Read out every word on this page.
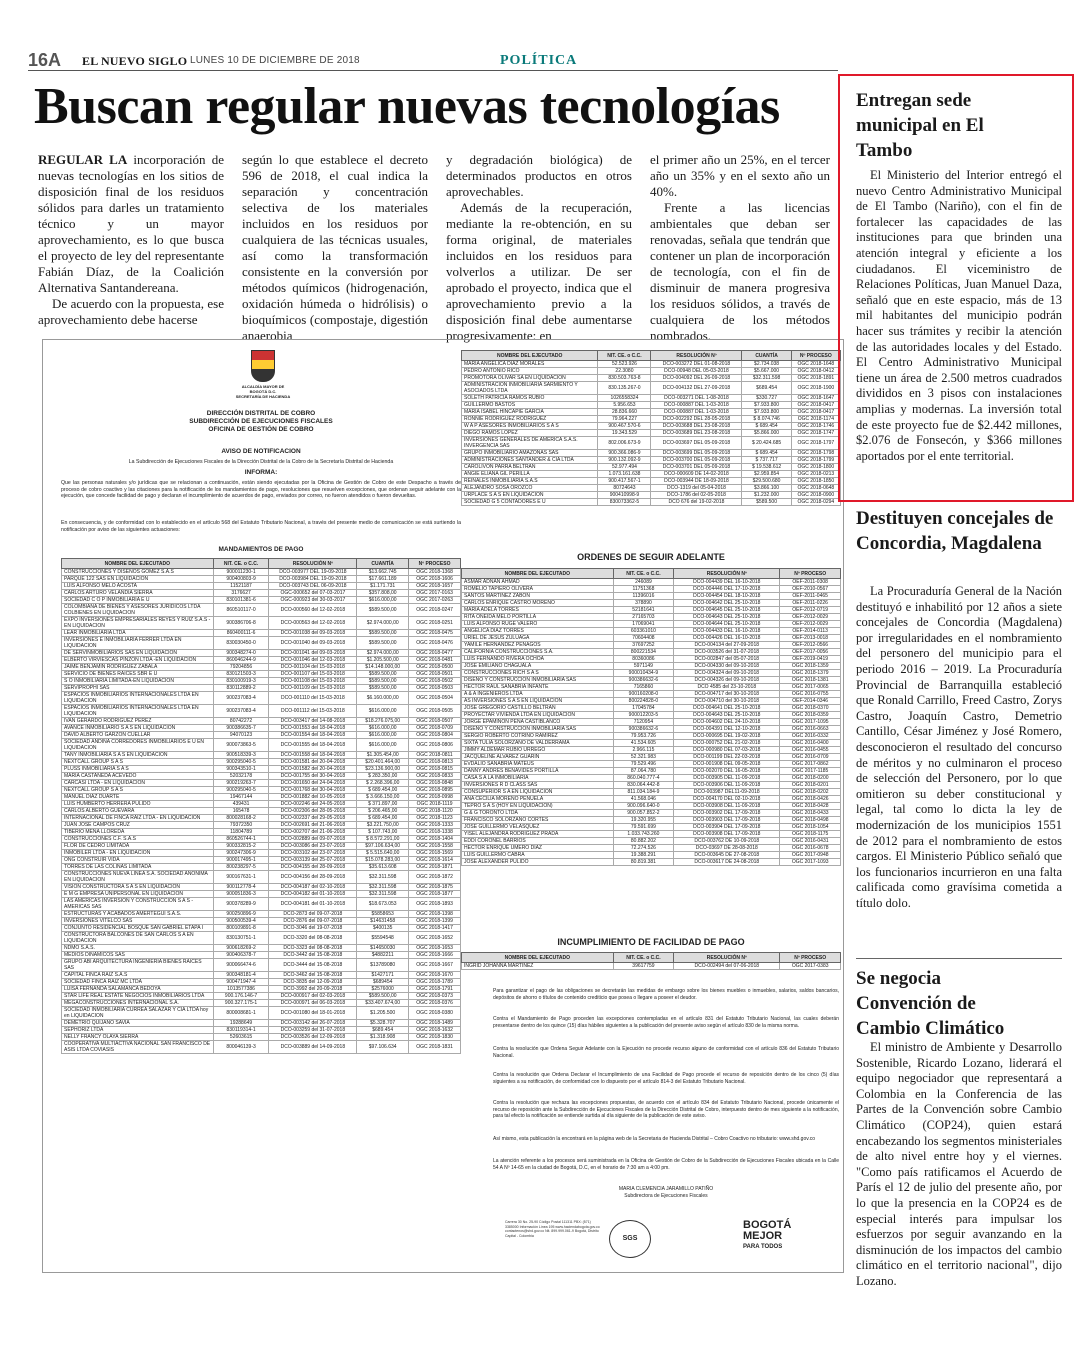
16A EL NUEVO SIGLO LUNES 10 DE DICIEMBRE DE 2018	POLÍTICA
Buscan regular nuevas tecnologías

REGULAR LA incorporación de nuevas tecnologías en los sitios de disposición final de los residuos sólidos para darles un tratamiento técnico y un mayor aprovechamiento, es lo que busca el proyecto de ley del representante Fabián Díaz, de la Coalición Alternativa Santandereana.

De acuerdo con la propuesta, ese aprovechamiento debe hacerse

según lo que establece el decreto 596 de 2018, el cual indica la separación y concentración selectiva de los materiales incluidos en los residuos por cualquiera de las técnicas usuales, así como la transformación consistente en la conversión por métodos químicos (hidrogenación, oxidación húmeda o hidrólisis) o bioquímicos (compostaje, digestión anaerobia

y degradación biológica) de determinados productos en otros aprovechables.

Además de la recuperación, mediante la re-obtención, en su forma original, de materiales incluidos en los residuos para volverlos a utilizar. De ser aprobado el proyecto, indica que el aprovechamiento previo a la disposición final debe aumentarse progresivamente: en

el primer año un 25%, en el tercer año un 35% y en el sexto año un 40%.

Frente a las licencias ambientales que deban ser renovadas, señala que tendrán que contener un plan de incorporación de tecnología, con el fin de disminuir de manera progresiva los residuos sólidos, a través de cualquiera de los métodos nombrados.

ALCALDÍA MAYOR DE BOGOTÁ D.C.
SECRETARÍA DE HACIENDA
DIRECCIÓN DISTRITAL DE COBRO
SUBDIRECCIÓN DE EJECUCIONES FISCALES
OFICINA DE GESTIÓN DE COBRO
AVISO DE NOTIFICACION
La Subdirección de Ejecuciones Fiscales de la Dirección Distrital de la Cobro de la Secretaría Distrital de Hacienda
INFORMA:
Que las personas naturales y/o jurídicas que se relacionan a continuación, están siendo ejecutadas por la Oficina de Gestión de Cobro de este Despacho a través de proceso de cobro coactivo y las citaciones para la notificación de los mandamientos de pago, resoluciones que resuelven excepciones, que ordenan seguir adelante con la ejecución, que concede facilidad de pago y declaran el incumplimiento de acuerdos de pago, enviados por correo, no fueron atendidos o fueron devueltas.
En consecuencia, y de conformidad con lo establecido en el artículo 568 del Estatuto Tributario Nacional, a través del presente medio de comunicación se está surtiendo la notificación por aviso de las siguientes actuaciones:
MANDAMIENTOS DE PAGO
NOMBRE DEL EJECUTADO	NIT. CE. o C.C.	RESOLUCIÓN Nº	CUANTÍA	Nº PROCESO
CONSTRUCCIONES Y DISEÑOS GOMEZ S.A.S	900011230-1	DCO-003977 DEL 19-09-2018	$13.662.745	OGC 2018-1368
PARQUE 122 SAS EN LIQUIDACION	900400803-9	DCO-003984 DEL 19-09-2018	$17.661.189	OGC 2018-1606
LUIS ALFONSO MELO ACOSTA	11521187	DCO-003743 DEL 06-09-2018	$1.171.731	OGC 2018-1657
CARLOS ARTURO VELANDIA SIERRA	3176627	OGC-000652 del 07-03-2017	$357.808,00	OGC 2017-0163
SOCIEDAD C O P INMOBILIARIA E U	830101381-6	OGC-000923 del 30-03-2017	$616.000,00	OGC 2017-0263
COLOMBIANA DE BIENES Y ASESORES JURIDICOS LTDA COLBIENES EN LIQUIDACION	860510117-0	DCO-000560 del 12-02-2018	$589.500,00	OGC 2018-0247
EXPO INVERSIONES EMPRESARIALES REYES Y RUIZ S.A.S - EN LIQUIDACION	900386706-8	DCO-000563 del 12-02-2018	$2.974.000,00	OGC 2018-0251
LEAR INMOBILIARIA LTDA	860400111-6	DCO-001038 del 09-03-2018	$589.500,00	OGC 2018-0475
INVERSIONES E INMOBILIARIA FERRER LTDA EN LIQUIDACION	830030450-0	DCO-001040 del 09-03-2018	$589.500,00	OGC 2018-0476
DE SERVINMOBILIARIOS SAS EN LIQUIDACION	900348274-0	DCO-001041 del 09-03-2018	$2.974.000,00	OGC 2018-0477
ELBERTO VIRVIESCAS PINZON LTDA -EN LIQUIDACION	860046244-9	DCO-001046 del 12-03-2018	$1.205.500,00	OGC 2018-0481
JAIME BENJAMIN RODRIGUEZ ZABALA	79204856	DCO-001104 del 15-03-2018	$14.148.000,00	OGC 2018-0500
SERVICIO DE BIENES RAICES SBR E U	830121503-3	DCO-001107 del 15-03-2018	$589.500,00	OGC 2018-0501
S O INMOBILIARIA LIMITADA-EN LIQUIDACION	830100919-3	DCO-001108 del 15-03-2018	$589.500,00	OGC 2018-0502
SERVIPROPHI SAS	830112889-2	DCO-001109 del 15-03-2018	$589.500,00	OGC 2018-0503
ESPACIOS INMOBILIARIOS INTERNACIONALES LTDA EN LIQUIDACION	900237083-4	DCO-001110 del 15-03-2018	$6.160.000,00	OGC 2018-0504
ESPACIOS INMOBILIARIOS INTERNACIONALES LTDA EN LIQUIDACION	900237083-4	DCO-001112 del 15-03-2018	$616.000,00	OGC 2018-0505
IVAN GERARDO RODRIGUEZ PEREZ	80742272	DCO-003417 del 14-08-2018	$18.276.075,00	OGC 2018-0507
AVANCE INMOBILIARIO S A S EN LIQUIDACION	900386635-7	DCO-001553 del 18-04-2018	$616.000,00	OGC 2018-0709
DAVID ALBERTO GARZON CUELLAR	94070123	DCO-001554 del 18-04-2018	$616.000,00	OGC 2018-0804
SOCIEDAD ANDINA CORREDORES INMOBILIARIOS E U EN LIQUIDACION	900073863-5	DCO-001555 del 18-04-2018	$616.000,00	OGC 2018-0806
TANY INMOBILIARIA S A S EN LIQUIDACION	900518339-3	DCO-001558 del 18-04-2018	$1.305.454,00	OGC 2018-0811
NEXTCALL GROUP S A S	900295040-5	DCO-001581 del 20-04-2018	$20.401.464,00	OGC 2018-0813
PLUSS INMOBILIARIA S A S	900343510-1	DCO-001582 del 20-04-2018	$23.136.900,00	OGC 2018-0815
MARIA CASTAÑEDA ACEVEDO	52032178	DCO-001755 del 30-04-2018	$ 283.350,00	OGC 2018-0833
CARCASI LTDA - EN LIQUIDACION	900219263-7	DCO-001650 del 24-04-2018	$ 2.268.396,00	OGC 2018-0848
NEXTCALL GROUP S A S	900295040-5	DCO-001768 del 30-04-2018	$ 689.454,00	OGC 2018-0895
MANUEL DIAZ DUARTE	19467144	DCO-001882 del 10-05-2018	$ 3.666.150,00	OGC 2018-0998
LUIS HUMBERTO HERRERA PULIDO	439431	DCO-002246 del 24-05-2018	$ 371.897,00	OGC 2018-1119
CARLOS ALBERTO GUEVARA	165478	DCO-002306 del 28-05-2018	$ 206.465,00	OGC 2018-1120
INTERNACIONAL DE FINCA RAIZ LTDA - EN LIQUIDACION	800028168-2	DCO-002337 del 29-05-2018	$ 689.454,00	OGC 2018-1123
JUAN JOSE CAMPOS CRUZ	79372350	DCO-002691 del 21-06-2018	$3.221.750,00	OGC 2018-1333
TIBERIO MENA LLOREDA	11804789	DCO-002707 del 21-06-2018	$ 107.743,00	OGC 2018-1338
CONSTRUCCIONES C.F. S.A.S	860526744-1	DCO-002889 del 09-07-2018	$ 8.572.291,00	OGC 2018-1404
FLOR DE CEDRO LIMITADA	900332815-2	DCO-003086 del 23-07-2018	$97.106.634,00	OGC 2018-1558
INMOBILER LTDA - EN LIQUIDACION	900247306-9	DCO-003102 del 23-07-2018	$ 5.515.640,00	OGC 2018-1569
ONG CONSTRUIR VIDA	900017495-1	DCO-003139 del 25-07-2018	$15.078.283,00	OGC 2018-1614
TORRES DE LAS COLINAS LIMITADA	800238297-5	DCO-004155 del 28-09-2018	$35.613.608	OGC 2018-1871
CONSTRUCCIONES NUEVA LINEA S.A. SOCIEDAD ANONIMA EN LIQUIDACION	900167631-1	DCO-004156 del 28-09-2018	$32.311.598	OGC 2018-1872
VISION CONSTRUCTORA S A S EN LIQUIDACION	900112778-4	DCO-004187 del 02-10-2018	$32.311.598	OGC 2018-1875
E M G EMPRESA UNIPERSONAL EN LIQUIDACION	900051836-3	DCO-004182 del 01-10-2018	$32.311.598	OGC 2018-1877
LAS AMERICAS INVERSION Y CONSTRUCCION S A S - AMERICAS SAS	900378289-9	DCO-004181 del 01-10-2018	$18.673.053	OGC 2018-1893
ESTRUCTURAS Y ACABADOS AMERTEGUI S.A.S.	900250896-9	DCO-2873 del 09-07-2018	$5858653	OGC 2018-1398
INVERSIONES VITELCO SAS	900500539-4	DCO-2876 del 09-07-2018	$14631458	OGC 2018-1399
CONJUNTO RESIDENCIAL BOSQUE SAN GABRIEL ETAPA I	800109891-8	DCO-3046 del 19-07-2018	$400135	OGC 2018-1417
CONSTRUCTORA BALCONES DE SAN CARLOS S A EN LIQUIDACION	830130751-1	DCO-3320 del 08-08-2018	$5594548	OGC 2018-1652
NDMO S.A.S.	900618269-2	DCO-3323 del 08-08-2018	$14650030	OGC 2018-1653
MEDIOS DINAMICOS SAS	900406378-7	DCO-3442 del 15-08-2018	$4882211	OGC 2018-1666
GRUPO ABI ARQUITECTURA INGENIERIA BIENES RAICES SAS	900066474-6	DCO-3444 del 15-08-2018	$13789080	OGC 2018-1667
CAPITAL FINCA RAIZ S.A.S	900348181-4	DCO-3462 del 15-08-2018	$1427171	OGC 2018-1670
SOCIEDAD FINCA RAIZ MC LTDA	900471947-4	DCO-3835 del 12-09-2018	$689454	OGC 2018-1789
LUISA FERNANDA SALAMANCA BEDOYA	1013577386	DCO-3992 del 20-09-2018	$2576000	OGC 2018-1791
STAR LIFE REAL ESTATE NEGOCIOS INMOBILIARIOS LTDA	900.176.146-7	DCO-000917 del 02-03-2018	$589.500,00	OGC 2018-0373
MEGACONSTRUCCIONES INTERNACIONAL S.A.	900.327.175-1	DCO-000971 del 06-03-2018	$33.407.674,00	OGC 2018-0376
SOCIEDAD INMOBILIARIA CURREA SALAZAR Y CIA LTDA hoy en LIQUIDACION	800008681-1	DCO-001080 del 18-01-2018	$1.205.500	OGC 2018-0380
DEMETRIO QUIJANO SAVIA	19288649	DCO-003142 del 26-07-2018	$5.328.707	OGC 2018-1489
SEPHORIZ LTDA	830119314-1	DCO-003259 del 31-07-2018	$689.454	OGC 2018-1632
NELLY FRANCY OLAYA SIERRA	52603615	DCO-003526 del 12-09-2018	$1.318.908	OGC 2018-1830
COOPERATIVA MULTIACTIVA NACIONAL SAN FRANCISCO DE ASIS LTDA COVIASIS	800046139-3	DCO-003889 del 14-09-2018	$97.106.634	OGC 2018-1831
NOMBRE DEL EJECUTADO	NIT. CE. o C.C.	RESOLUCIÓN Nº	CUANTÍA	Nº PROCESO
MARIA ANGELICA DIAZ MORALES	52.523.926	DCO-003272 DEL 01-08-2018	$2.734.038	OGC 2018-1648
PEDRO ANTONIO RICO	22.3080	DCO-00948 DEL 05-03-2018	$5.667.000	OGC 2018-0412
PROMOTORA OLIVAR SA EN LIQUIDACION	830.503.763-8	DCO-004092 DEL 26-09-2018	$32.311.598	OGC 2018-1891
ADMINISTRACION INMOBILIARIA SARMIENTO Y ASOCIADOS LTDA	830.135.267-0	DCO-004132 DEL 27-09-2018	$689.454	OGC 2018-1900
SOLETH PATRICIA RAMOS RUBIO	1026558324	DCO-003271 DEL 1-08-2018	$330.727	OGC 2018-1647
GUILLERMO BASTOS	5.956.653	DCO-000887 DEL 1-03-2018	$7.933.800	OGC 2018-0417
MARIA ISABEL HINCAPIE GARCIA	28.836.660	DCO-000887 DEL 1-03-2018	$7.933.800	OGC 2018-0417
RONNIE RODRIGUEZ RODRIGUEZ	79.964.227	DCO-002292 DEL 28-05-2018	$ 8.074.746	OGC 2018-1174
W A P ASESORES INMOBILIARIOS S A S	900.467.570-6	DCO-003688 DEL 23-08-2018	$ 689.454	OGC 2018-1746
DIEGO RAMOS LOPEZ	19.343.529	DCO-003689 DEL 23-08-2018	$5.866.000	OGC 2018-1747
INVERSIONES GENERALES DE AMERICA S.A.S. INVERGENCIA SAS	802.006.673-9	DCO-003697 DEL 05-09-2018	$ 20.424.685	OGC 2018-1797
GRUPO INMOBILIARIO AMAZONAS SAS	900.366.086-9	DCO-003699 DEL 05-09-2018	$ 689.454	OGC 2018-1798
ADMINISTRACIONES SANTANDER & CIA LTDA	900.132.092-9	DCO-003700 DEL 05-09-2018	$ 737.717	OGC 2018-1799
CAROLIVON PARRA BELTRAN	52.977.494	DCO-003701 DEL 05-09-2018	$ 19.538.612	OGC 2018-1800
ANGIE ELIANA GIL PERILLA	1.073.161.638	DCO-000609 DE 14-02-2018	$2.959.854	OGC 2018-0213
REINALES INMOBILIARIA S.A.S	900.417.567-1	DCO-003944 DE 18-09-2018	$29.500.680	OGC 2018-1850
ALEJANDRO SOSA OROZCO	80724643	DCO-1319 del 05-04-2018	$3.866.100	OGC 2018-0648
URPLACE S A S EN LIQUIDACION	900410998-9	DCO-1786 del 02-05-2018	$1.232.000	OGC 2018-0900
SOCIEDAD G 5 CONTADORES E U	830073362-5	DCO 676 del 19-02-2018	$589.500	OGC 2018-0294
ORDENES DE SEGUIR ADELANTE
NOMBRE DEL EJECUTADO	NIT. CE. o C.C.	RESOLUCIÓN Nº	Nº PROCESO
ASMAR ADNAN AHMAD	246089	DCO-004439 DEL 16-10-2018	OEF-2011-0308
ROMELIO TAPIERO OLIVERA	11751368	DCO-004446 DEL 17-10-2018	OEF-2010-0567
SANTOS MARTINEZ ZABON	11396016	DCO-004454 DEL 18-10-2018	OEF-2011-0465
CARLOS ENRIQUE CASTRO MORENO	378890	DCO-004642 DEL 25-10-2018	OEF-2011-0226
MARIA ADELA TORRES	52181641	DCO-004645 DEL 25-10-2018	OEF-2012-0719
RITA ONEIDA MELO PORTILLA	27165703	DCO-004643 DEL 25-10-2018	OEF-2012-0029
LUIS ALFONSO RUGE VALERO	17069041	DCO-004644 DEL 25-10-2018	OEF-2012-0029
ANGELICA DIAZ TORRES	603361010	DCO-004433 DEL 16-10-2018	OEF-2014-0113
URIEL DE JESUS ZULUAGA	70604408	DCO-004426 DEL 16-10-2018	OEF-2013-0018
YAMILE HERNANDEZ PEÑAGOS	37697252	DCO-004134 del 27-09-2018	OEF-2012-0566
CALIFORNIA CONSTRUCCIONES S.A.	800221534	DCO-003526 del 31-07-2018	OEF-2017-0056
LUIS FERNANDO RIVERA OCHOA	80360086	DCO-002847 del 05-07-2018	OEF-2019-0419
JOSE EMILIANO CHAGUALA	5971149	DCO-004330 del 09-10-2018	OGC 2018-1359
CONSTRUCCIONES RICH S A S	900010434-9	DCO-004324 del 09-10-2018	OGC 2018-1379
DISEÑO Y CONSTRUCCION INMOBILIARIA SAS	900386632-6	DCO-004326 del 09-10-2018	OGC 2018-1381
HECTOR RAUL SANABRIA INFANTE	7165860	DCO 4585 del 23-10-2018	OGC 2017-0065
A & A INGENIEROS LTDA	900160208-0	DCO-004717 del 30-10-2018	OGC 2016-0755
AS INVERSIONES S A S EN LIQUIDACION	800224828-0	DCO-004710 del 30-10-2018	OEF-2014-0346
JOSE GREGORIO CASTILLO BELTRAN	17045784	DCO-004641 DEL 25-10-2018	OGC 2018-0370
PROYECTAR VIVIENDA LTDA EN LIQUIDACION	900012203-5	DCO-004643 DEL 25-10-2018	OGC 2018-0359
JORGE EPAMINON PEÑA CASTIBLANCO	7120954	DCO-004602 DEL 24-10-2018	OGC 2017-1095
DISEÑO Y CONSTRUCCION INMOBILIARIA SAS	900386632-6	DCO-004391 DEL 12-10-2018	OGC 2016-0663
SERGIO ROBERTO COTRINO RAMIREZ	79.953.726	DCO-000695 DEL 19-02-2018	OGC 2016-0332
SIXTA TULIA SOLORZANO DE VALDERRAMA	41.534.605	DCO-000752 DEL 21-02-2018	OGC 2016-0400
JIMMY ALDEMAR RUBIO URREGO	2.966.115	DCO-000980 DEL 07-03-2018	OGC 2016-0455
JACQUELINE ALVAREZ GUARIN	52.321.983	DCO-001199 DEL 22-03-2018	OGC 2016-0709
EVDALIO SANABRIA MATEUS	79.529.496	DCO-001908 DEL 09-05-2018	OGC 2017-0862
DANNY ANDRES BENAVIDES PORTILLA	87.064.780	DCO-002070 DEL 16-05-2018	OGC 2017-1185
CASA S A LA INMOBILIARIA	860.040.777-4	DCO-003905 DEL 11-09-2018	OGC 2018-0200
INVERSIONES R D CLASS SAS	830.064.442-8	DCO-003906 DEL 11-09-2018	OGC 2018-0201
CONSUPERIOR S A EN LIQUIDACION	811.034.184-9	DCO-003987 DEL11-09-2018	OGC 2018-0202
ANA CECILIA MORENO PENUELA	41.568.046	DCO-004170 DEL 02-10-2018	OGC 2018-0426
TEPRO S A S (HOY EN LIQUIDACION)	900.096.640-0	DCO-003908 DEL 11-09-2018	OGC 2018-0428
G & G TORONTO LTDA	900.057.852-2	DCO-003902 DEL 17-09-2018	OGC 2018-0433
FRANCISCO SOLORZANO CORTES	19.320.955	DCO-003903 DEL 17-09-2018	OGC 2018-0498
JOSE GUILLERMO VELASQUEZ	79.591.699	DCO-003904 DEL 17-09-2018	OGC 2018-1054
YISEL ALEJANDRA RODRIGUEZ PRADA	1.033.743.260	DCO-003908 DEL 17-09-2018	OGC 2018-1175
EDDI CORONEL BARRIOS	80.882.202	DCO-003762 DE 10-09-2018	OGC 2016-0431
HECTOR ENRIQUE UMERO DIAZ	72.274.526	DCO-03697 DE 28-08-2018	OGC 2016-0678
LUIS GUILLERMO CABRA	19.388.291	DCO-003645 DE 27-08-2018	OGC 2017-0948
JOSE ALEXANDER PULIDO	80.819.381	DCO-003617 DE 24-08-2018	OGC 2017-1093
INCUMPLIMIENTO DE FACILIDAD DE PAGO
NOMBRE DEL EJECUTADO	NIT. CE. o C.C.	RESOLUCIÓN Nº	Nº PROCESO
INGRID JOHANNA MARTINEZ	39617759	DCO-002494 del 07-06-2018	OGC 2017-0383
Para garantizar el pago de las obligaciones se decretarán las medidas de embargo sobre los bienes muebles o inmuebles, salarios, saldos bancarios, depósitos de ahorro o títulos de contenido crediticio que posea o llegare a poseer el deudor.
Contra el Mandamiento de Pago proceden las excepciones contempladas en el artículo 831 del Estatuto Tributario Nacional, las cuales deberán presentarse dentro de los quince (15) días hábiles siguientes a la publicación del presente aviso según el artículo 830 de la misma norma.
Contra la resolución que Ordena Seguir Adelante con la Ejecución no procede recurso alguno de conformidad con el artículo 836 del Estatuto Tributario Nacional.
Contra la resolución que Ordena Declarar el Incumplimiento de una Facilidad de Pago procede el recurso de reposición dentro de los cinco (5) días siguientes a su notificación, de conformidad con lo dispuesto por el artículo 814-3 del Estatuto Tributario Nacional.
Contra la resolución que rechaza las excepciones propuestas, de acuerdo con el artículo 834 del Estatuto Tributario Nacional, procede únicamente el recurso de reposición ante la Subdirección de Ejecuciones Fiscales de la Dirección Distrital de Cobro, interpuesto dentro de mes siguiente a la notificación, para tal efecto la notificación se entiende surtida al día siguiente de la publicación de este aviso.
Así mismo, esta publicación la encontrará en la página web de la Secretaria de Hacienda Distrital – Cobro Coactivo no tributario: www.shd.gov.co
La atención referente a los procesos será suministrada en la Oficina de Gestión de Cobro de la Subdirección de Ejecuciones Fiscales ubicada en la Calle 54 A Nº 14-65 en la ciudad de Bogotá, D.C, en el horario de 7:30 am a 4:00 pm.
MARIA CLEMENCIA JARAMILLO PATIÑO
Subdirectora de Ejecuciones Fiscales
Carrera 30 No. 25-90 Código Postal 111311 PBX: (571) 3385000 Información Línea 195 www.haciendabogota.gov.co contactenos@shd.gov.co Nit. 899.999.061-9 Bogotá, Distrito Capital - Colombia	SGS
BOGOTÁ
MEJOR
PARA TODOS
Entregan sede municipal en El Tambo

El Ministerio del Interior entregó el nuevo Centro Administrativo Municipal de El Tambo (Nariño), con el fin de fortalecer las capacidades de las instituciones para que brinden una atención integral y eficiente a los ciudadanos. El viceministro de Relaciones Políticas, Juan Manuel Daza, señaló que en este espacio, más de 13 mil habitantes del municipio podrán hacer sus trámites y recibir la atención de las autoridades locales y del Estado. El Centro Administrativo Municipal tiene un área de 2.500 metros cuadrados divididos en 3 pisos con instalaciones amplias y modernas. La inversión total de este proyecto fue de $2.442 millones, $2.076 de Fonsecón, y $366 millones aportados por el ente territorial.

Destituyen concejales de Concordia, Magdalena

La Procuraduría General de la Nación destituyó e inhabilitó por 12 años a siete concejales de Concordia (Magdalena) por irregularidades en el nombramiento del personero del municipio para el periodo 2016 – 2019. La Procuraduría Provincial de Barranquilla estableció que Ronald Carrillo, Freed Castro, Zorys Castro, Joaquín Castro, Demetrio Cantillo, César Jiménez y José Romero, desconocieron el resultado del concurso de méritos y no culminaron el proceso de selección del Personero, por lo que omitieron su deber constitucional y legal, tal como lo dicta la ley de modernización de los municipios 1551 de 2012 para el nombramiento de estos cargos. El Ministerio Público señaló que los funcionarios incurrieron en una falta calificada como gravísima cometida a título dolo.

Se negocia Convención de Cambio Climático

El ministro de Ambiente y Desarrollo Sostenible, Ricardo Lozano, liderará el equipo negociador que representará a Colombia en la Conferencia de las Partes de la Convención sobre Cambio Climático (COP24), quien estará encabezando los segmentos ministeriales de alto nivel entre hoy y el viernes. "Como país ratificamos el Acuerdo de París el 12 de julio del presente año, por lo que la presencia en la COP24 es de especial interés para impulsar los esfuerzos por seguir avanzando en la disminución de los impactos del cambio climático en el territorio nacional", dijo Lozano.
